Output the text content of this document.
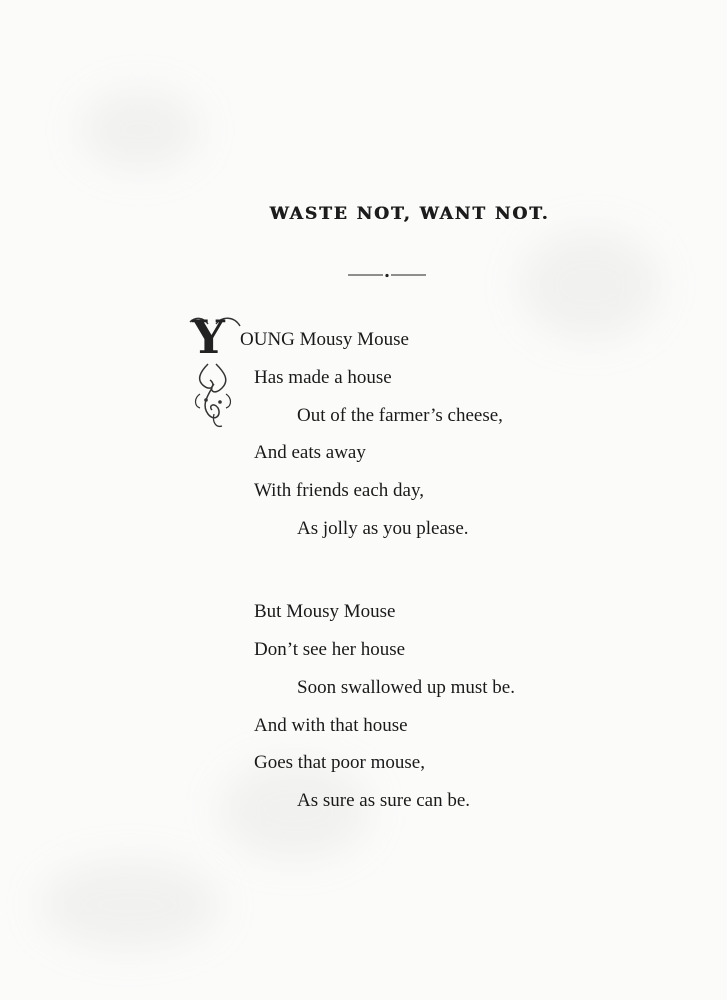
WASTE NOT, WANT NOT.
Y OUNG Mousy Mouse
Has made a house
Out of the farmer’s cheese,
And eats away
With friends each day,
As jolly as you please.
But Mousy Mouse
Don’t see her house
Soon swallowed up must be.
And with that house
Goes that poor mouse,
As sure as sure can be.
